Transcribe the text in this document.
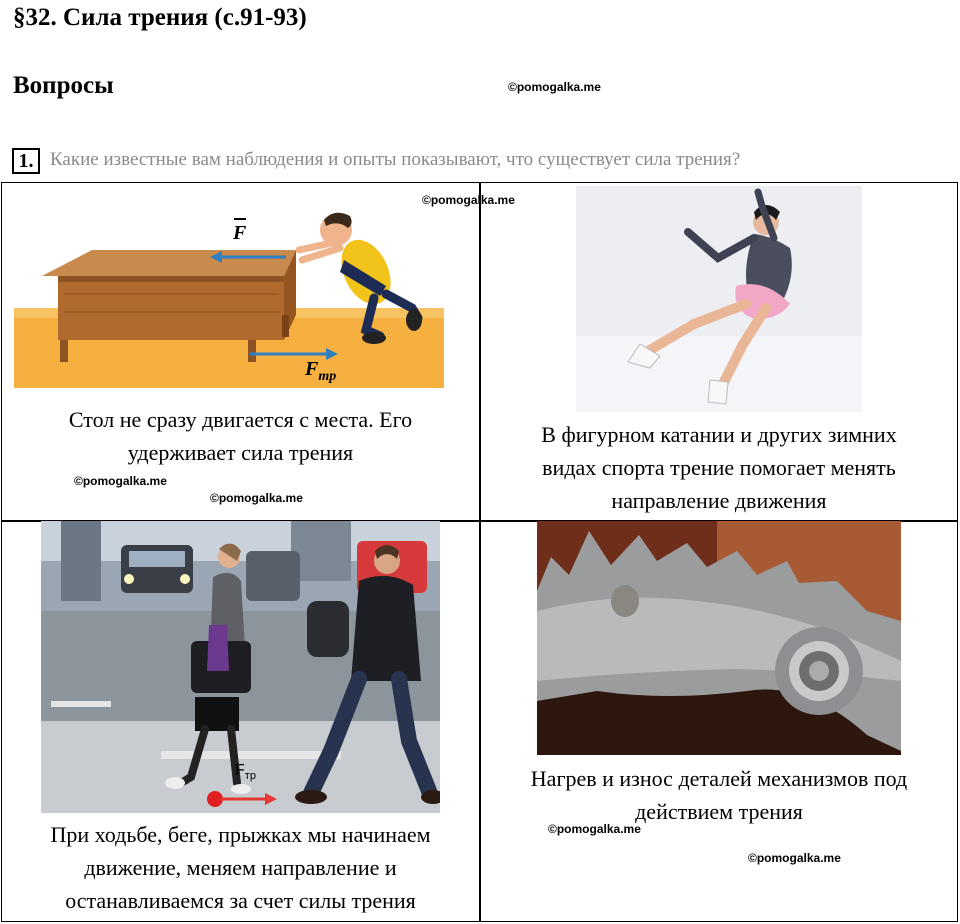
§32. Сила трения (с.91-93)
Вопросы	©pomogalka.me
1. Какие известные вам наблюдения и опыты показывают, что существует сила трения?
F
$F_{тр}$
©pomogalka.me
Стол не сразу двигается с места. Его
удерживает сила трения
©pomogalka.me
©pomogalka.me
В фигурном катании и других зимних
видах спорта трение помогает менять
направление движения
$F_{тр}$
При ходьбе, беге, прыжках мы начинаем
движение, меняем направление и
останавливаемся за счет силы трения
Нагрев и износ деталей механизмов под
действием трения
©pomogalka.me
©pomogalka.me
